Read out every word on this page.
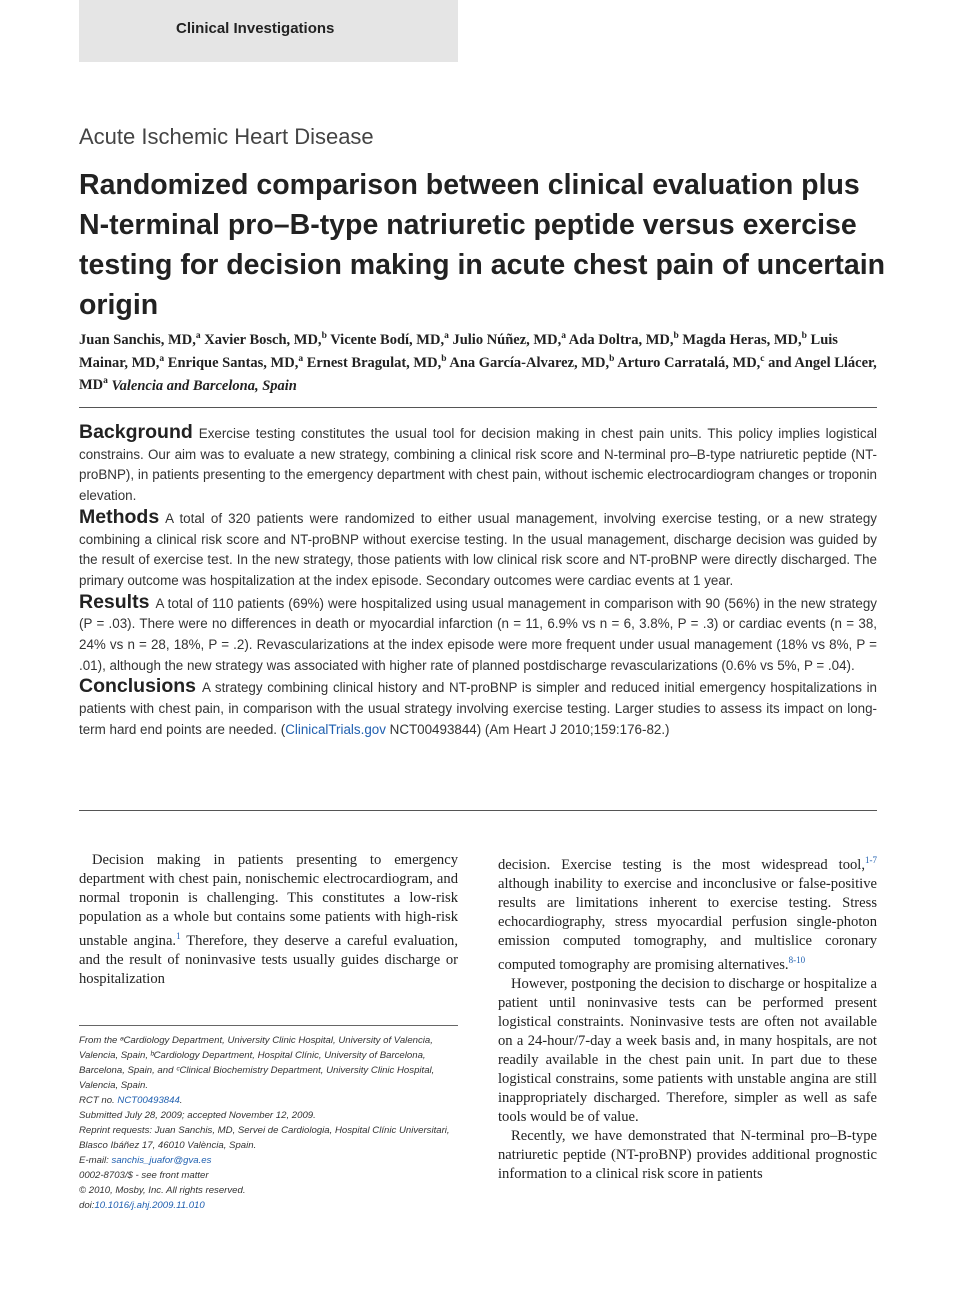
Clinical Investigations
Acute Ischemic Heart Disease
Randomized comparison between clinical evaluation plus N-terminal pro–B-type natriuretic peptide versus exercise testing for decision making in acute chest pain of uncertain origin
Juan Sanchis, MD,$^a$ Xavier Bosch, MD,$^b$ Vicente Bodí, MD,$^a$ Julio Núñez, MD,$^a$ Ada Doltra, MD,$^b$ Magda Heras, MD,$^b$ Luis Mainar, MD,$^a$ Enrique Santas, MD,$^a$ Ernest Bragulat, MD,$^b$ Ana García-Alvarez, MD,$^b$ Arturo Carratalá, MD,$^c$ and Angel Llácer, $MD^a$ Valencia and Barcelona, Spain

Background Exercise testing constitutes the usual tool for decision making in chest pain units. This policy implies logistical constrains. Our aim was to evaluate a new strategy, combining a clinical risk score and N-terminal pro–B-type natriuretic peptide (NT-proBNP), in patients presenting to the emergency department with chest pain, without ischemic electrocardiogram changes or troponin elevation.

Methods A total of 320 patients were randomized to either usual management, involving exercise testing, or a new strategy combining a clinical risk score and NT-proBNP without exercise testing. In the usual management, discharge decision was guided by the result of exercise test. In the new strategy, those patients with low clinical risk score and NT-proBNP were directly discharged. The primary outcome was hospitalization at the index episode. Secondary outcomes were cardiac events at 1 year.

Results A total of 110 patients (69%) were hospitalized using usual management in comparison with 90 (56%) in the new strategy (P = .03). There were no differences in death or myocardial infarction (n = 11, 6.9% vs n = 6, 3.8%, P = .3) or cardiac events (n = 38, 24% vs n = 28, 18%, P = .2). Revascularizations at the index episode were more frequent under usual management (18% vs 8%, P = .01), although the new strategy was associated with higher rate of planned postdischarge revascularizations (0.6% vs 5%, P = .04).

Conclusions A strategy combining clinical history and NT-proBNP is simpler and reduced initial emergency hospitalizations in patients with chest pain, in comparison with the usual strategy involving exercise testing. Larger studies to assess its impact on long-term hard end points are needed. (ClinicalTrials.gov NCT00493844) (Am Heart J 2010;159:176-82.)

Decision making in patients presenting to emergency department with chest pain, nonischemic electrocardiogram, and normal troponin is challenging. This constitutes a low-risk population as a whole but contains some patients with high-risk unstable angina.$^1$ Therefore, they deserve a careful evaluation, and the result of noninvasive tests usually guides discharge or hospitalization

decision. Exercise testing is the most widespread tool,$^{1-7}$ although inability to exercise and inconclusive or false-positive results are limitations inherent to exercise testing. Stress echocardiography, stress myocardial perfusion single-photon emission computed tomography, and multislice coronary computed tomography are promising alternatives.$^{8-10}$

However, postponing the decision to discharge or hospitalize a patient until noninvasive tests can be performed present logistical constraints. Noninvasive tests are often not available on a 24-hour/7-day a week basis and, in many hospitals, are not readily available in the chest pain unit. In part due to these logistical constrains, some patients with unstable angina are still inappropriately discharged. Therefore, simpler as well as safe tools would be of value.

Recently, we have demonstrated that N-terminal pro–B-type natriuretic peptide (NT-proBNP) provides additional prognostic information to a clinical risk score in patients

From the ᵃCardiology Department, University Clinic Hospital, University of Valencia, Valencia, Spain, ᵇCardiology Department, Hospital Clínic, University of Barcelona, Barcelona, Spain, and ᶜClinical Biochemistry Department, University Clinic Hospital, Valencia, Spain.
RCT no. NCT00493844.
Submitted July 28, 2009; accepted November 12, 2009.
Reprint requests: Juan Sanchis, MD, Servei de Cardiologia, Hospital Clínic Universitari, Blasco Ibáñez 17, 46010 València, Spain.
E-mail: sanchis_juafor@gva.es
0002-8703/$ - see front matter
© 2010, Mosby, Inc. All rights reserved.
doi:10.1016/j.ahj.2009.11.010
